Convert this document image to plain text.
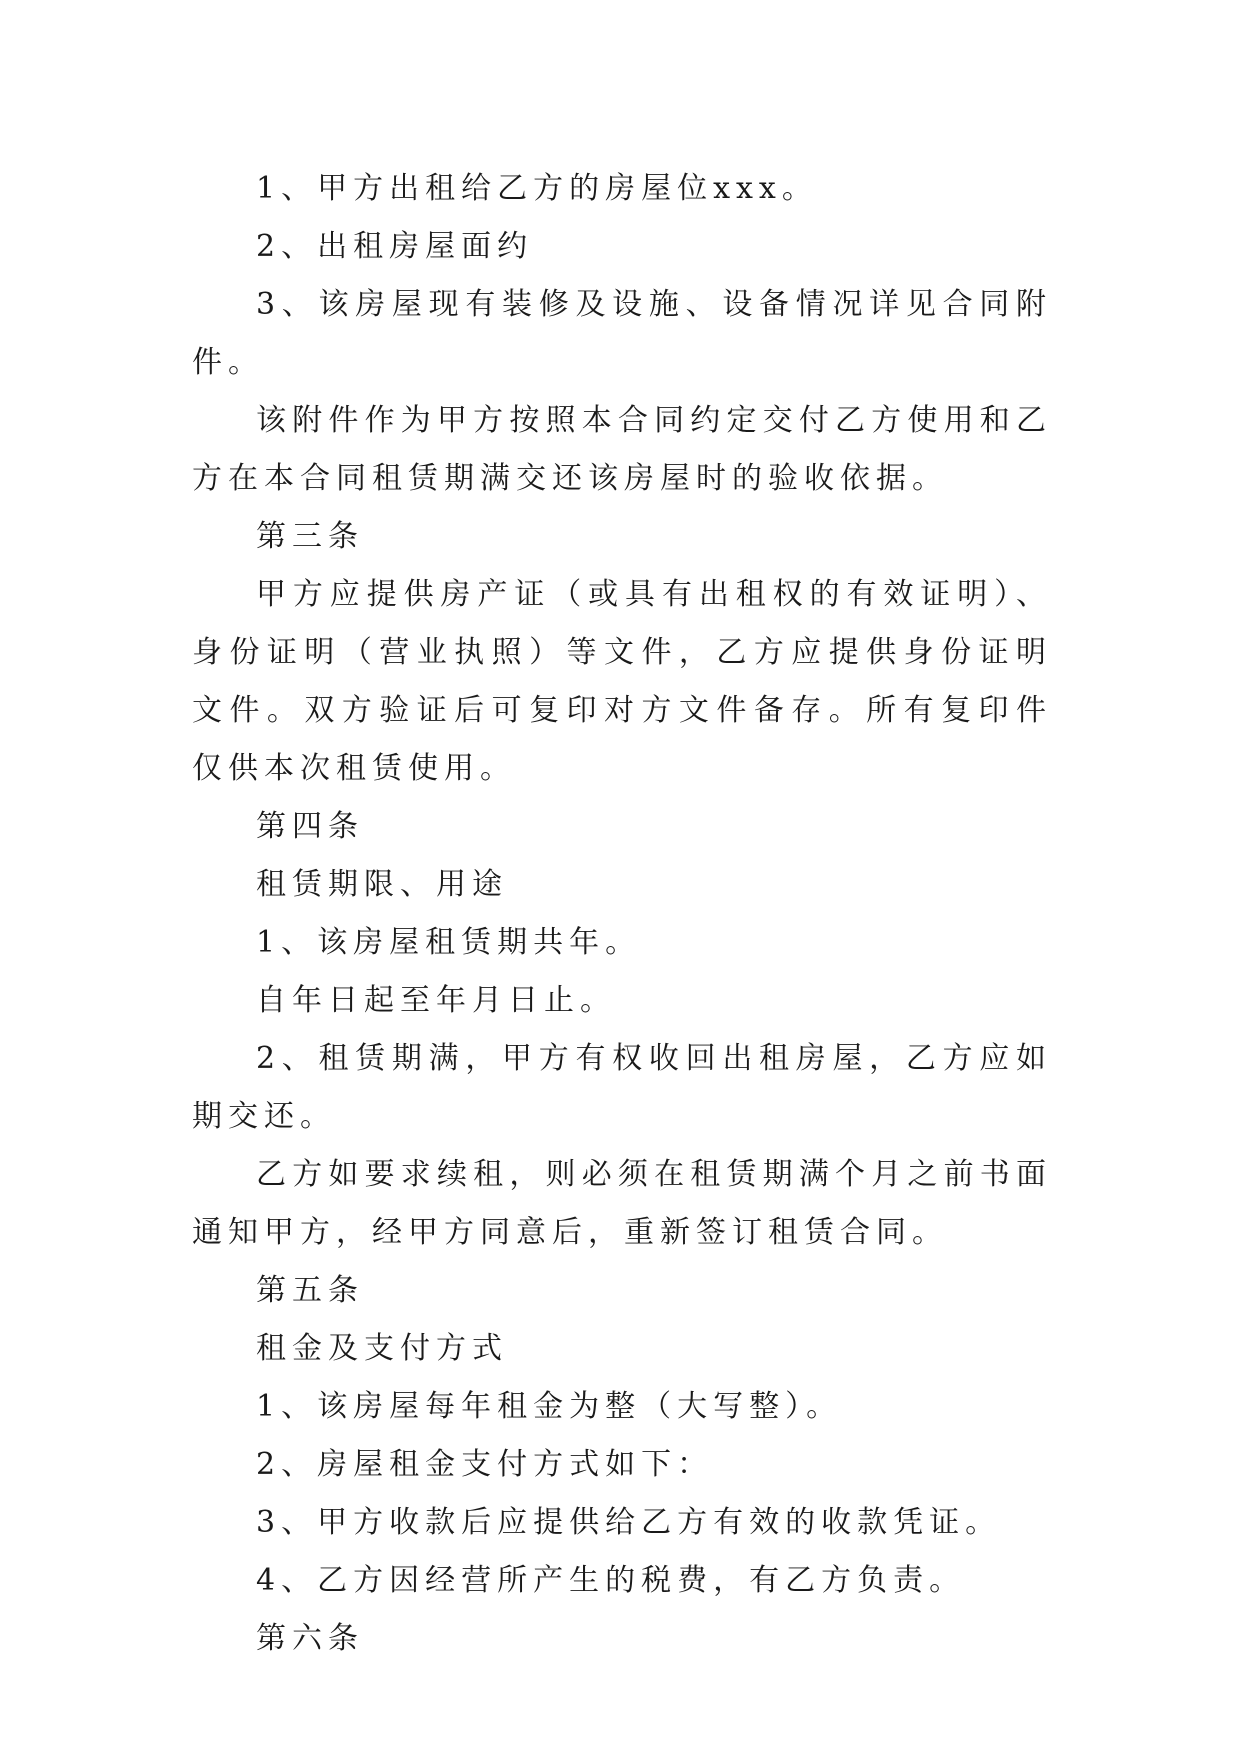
1、甲方出租给乙方的房屋位xxx。

2、出租房屋面约

3、该房屋现有装修及设施、设备情况详见合同附件。

该附件作为甲方按照本合同约定交付乙方使用和乙方在本合同租赁期满交还该房屋时的验收依据。

第三条

甲方应提供房产证（或具有出租权的有效证明）、身份证明（营业执照）等文件，乙方应提供身份证明文件。双方验证后可复印对方文件备存。所有复印件仅供本次租赁使用。

第四条

租赁期限、用途

1、该房屋租赁期共年。

自年日起至年月日止。

2、租赁期满，甲方有权收回出租房屋，乙方应如期交还。

乙方如要求续租，则必须在租赁期满个月之前书面通知甲方，经甲方同意后，重新签订租赁合同。

第五条

租金及支付方式

1、该房屋每年租金为整（大写整）。

2、房屋租金支付方式如下：

3、甲方收款后应提供给乙方有效的收款凭证。

4、乙方因经营所产生的税费，有乙方负责。

第六条
